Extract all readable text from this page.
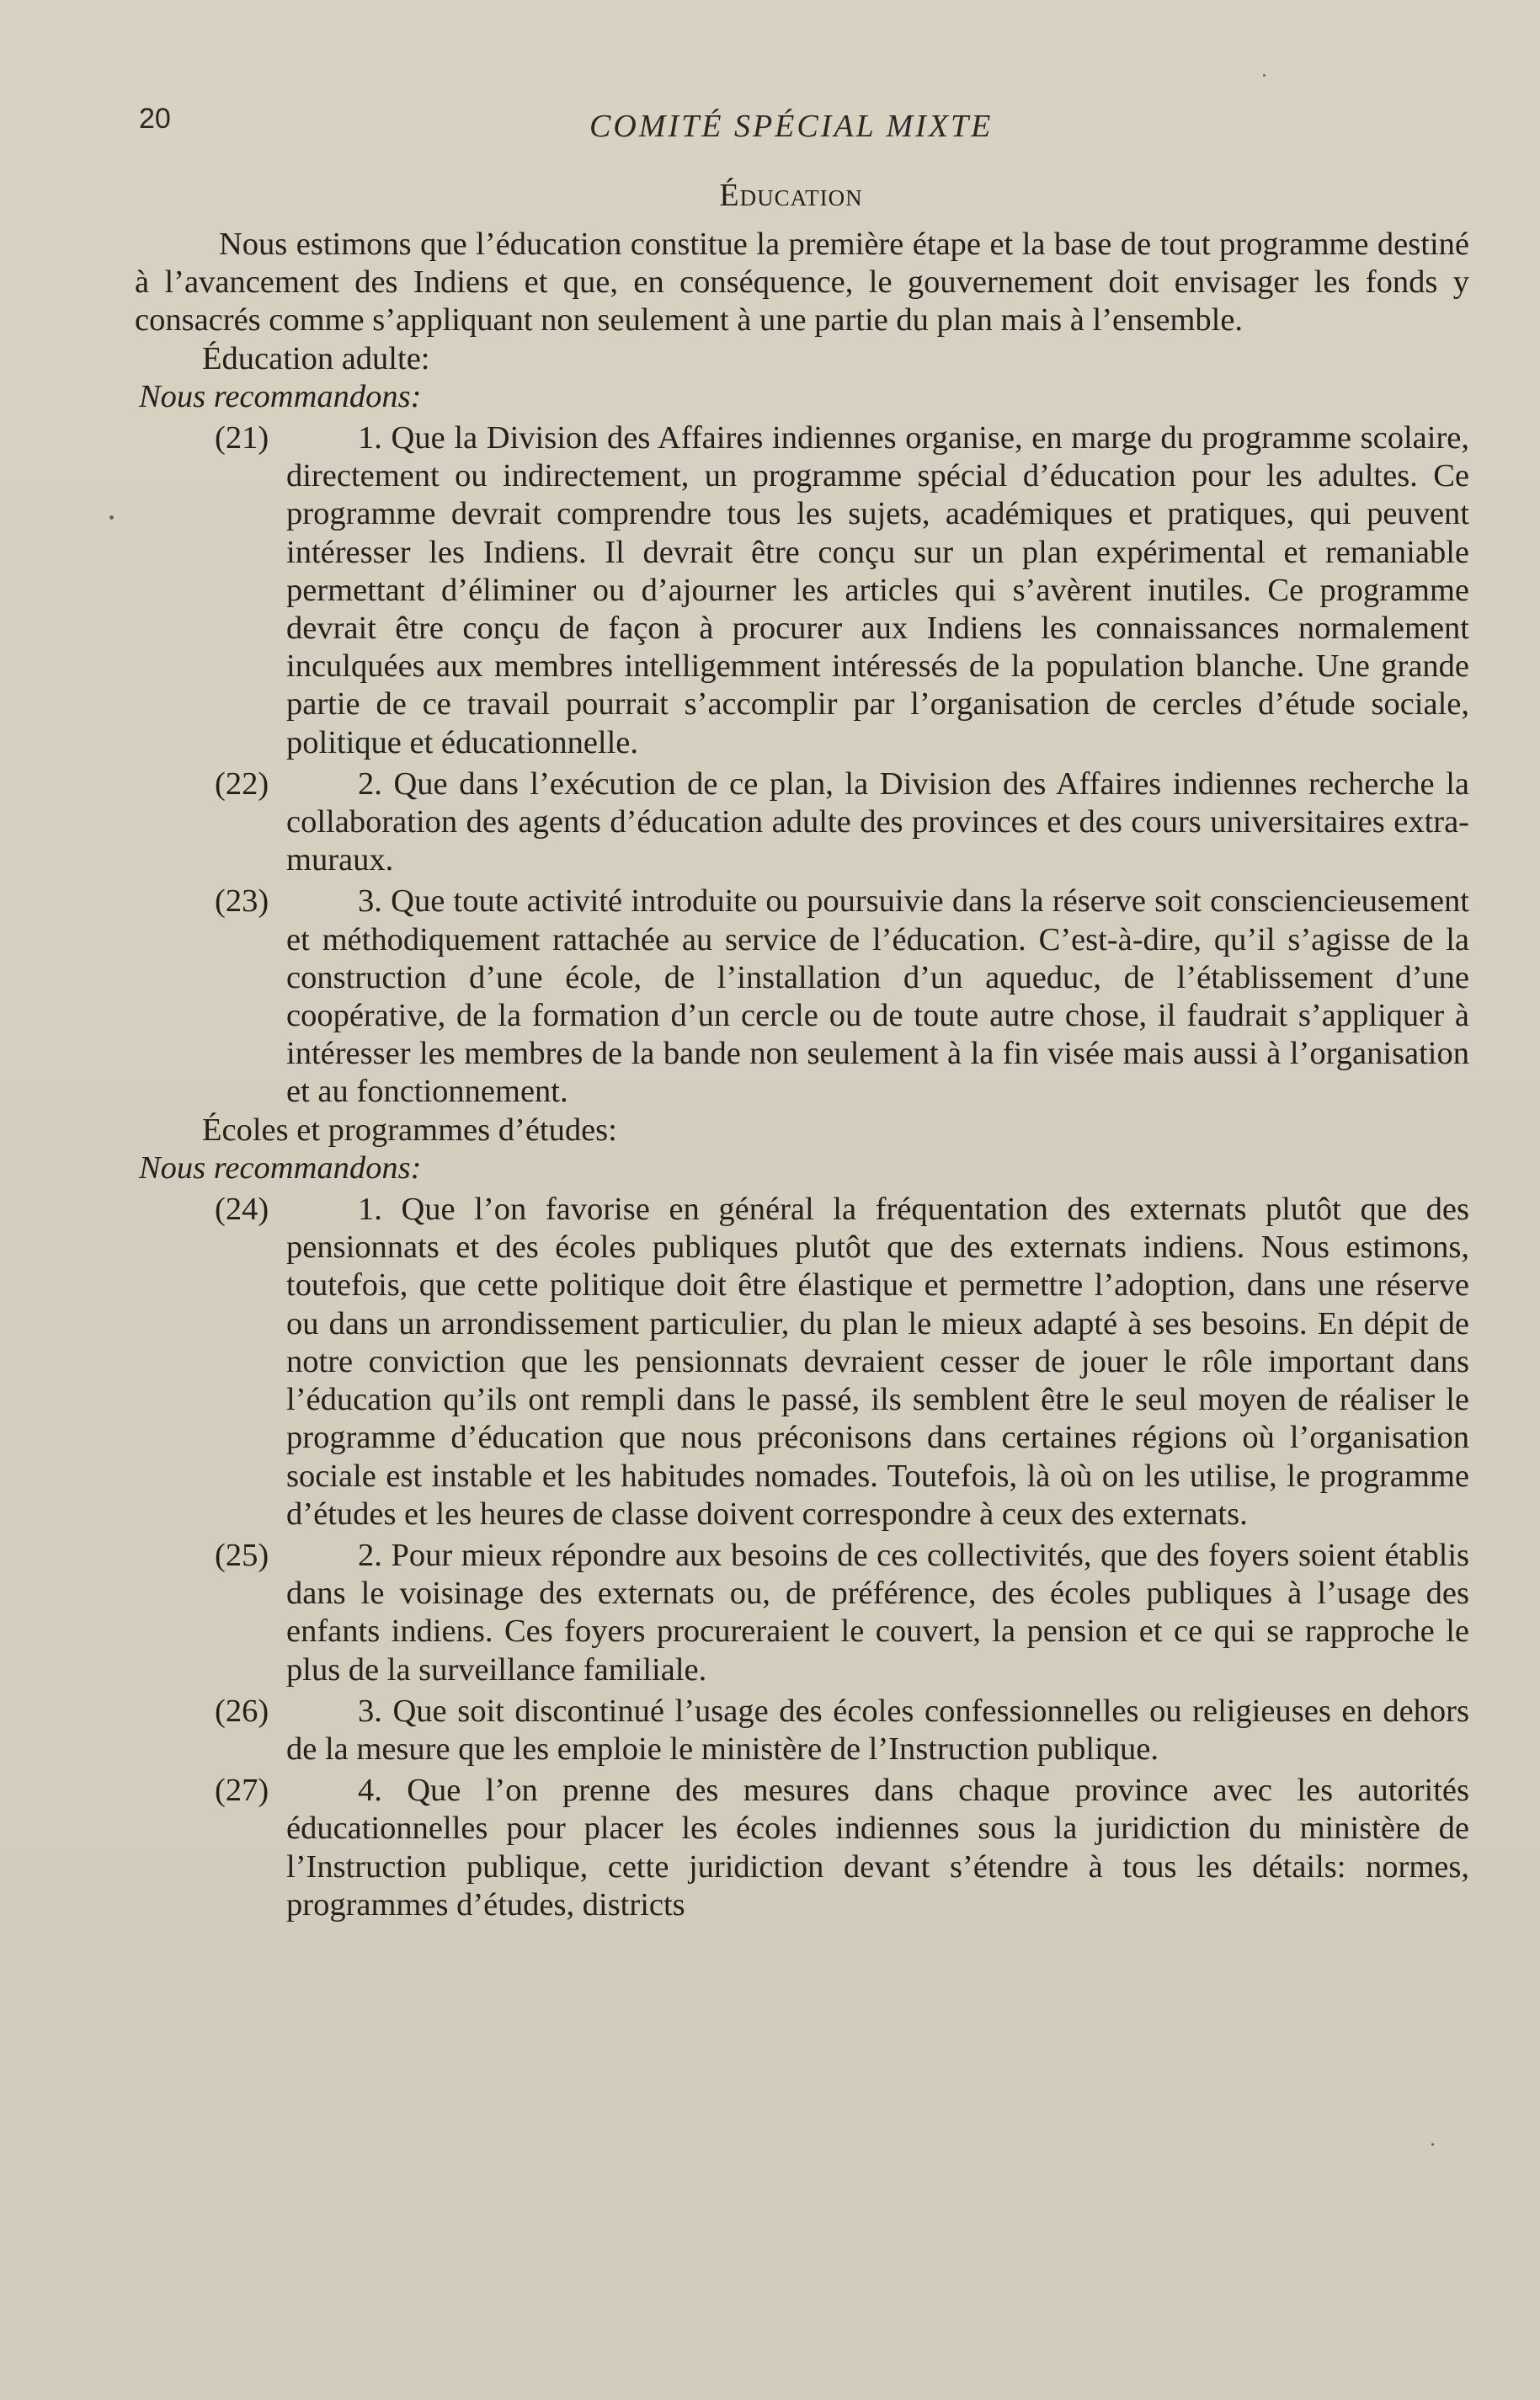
20	COMITÉ SPÉCIAL MIXTE
Éducation

Nous estimons que l’éducation constitue la première étape et la base de tout programme destiné à l’avancement des Indiens et que, en conséquence, le gouvernement doit envisager les fonds y consacrés comme s’appliquant non seulement à une partie du plan mais à l’ensemble.

Éducation adulte:

Nous recommandons:

(21)	1. Que la Division des Affaires indiennes organise, en marge du programme scolaire, directement ou indirectement, un programme spécial d’éducation pour les adultes. Ce programme devrait comprendre tous les sujets, académiques et pratiques, qui peuvent intéresser les Indiens. Il devrait être conçu sur un plan expérimental et remaniable permettant d’éliminer ou d’ajourner les articles qui s’avèrent inutiles. Ce programme devrait être conçu de façon à procurer aux Indiens les connaissances normalement inculquées aux membres intelligemment intéressés de la population blanche. Une grande partie de ce travail pourrait s’accomplir par l’organisation de cercles d’étude sociale, politique et éducationnelle.
(22)	2. Que dans l’exécution de ce plan, la Division des Affaires indiennes recherche la collaboration des agents d’éducation adulte des provinces et des cours universitaires extra-muraux.
(23)	3. Que toute activité introduite ou poursuivie dans la réserve soit consciencieusement et méthodiquement rattachée au service de l’éducation. C’est-à-dire, qu’il s’agisse de la construction d’une école, de l’installation d’un aqueduc, de l’établissement d’une coopérative, de la formation d’un cercle ou de toute autre chose, il faudrait s’appliquer à intéresser les membres de la bande non seulement à la fin visée mais aussi à l’organisation et au fonctionnement.

Écoles et programmes d’études:

Nous recommandons:

(24)	1. Que l’on favorise en général la fréquentation des externats plutôt que des pensionnats et des écoles publiques plutôt que des externats indiens. Nous estimons, toutefois, que cette politique doit être élastique et permettre l’adoption, dans une réserve ou dans un arrondissement particulier, du plan le mieux adapté à ses besoins. En dépit de notre conviction que les pensionnats devraient cesser de jouer le rôle important dans l’éducation qu’ils ont rempli dans le passé, ils semblent être le seul moyen de réaliser le programme d’éducation que nous préconisons dans certaines régions où l’organisation sociale est instable et les habitudes nomades. Toutefois, là où on les utilise, le programme d’études et les heures de classe doivent correspondre à ceux des externats.
(25)	2. Pour mieux répondre aux besoins de ces collectivités, que des foyers soient établis dans le voisinage des externats ou, de préférence, des écoles publiques à l’usage des enfants indiens. Ces foyers procureraient le couvert, la pension et ce qui se rapproche le plus de la surveillance familiale.
(26)	3. Que soit discontinué l’usage des écoles confessionnelles ou religieuses en dehors de la mesure que les emploie le ministère de l’Instruction publique.
(27)	4. Que l’on prenne des mesures dans chaque province avec les autorités éducationnelles pour placer les écoles indiennes sous la juridiction du ministère de l’Instruction publique, cette juridiction devant s’étendre à tous les détails: normes, programmes d’études, districts
